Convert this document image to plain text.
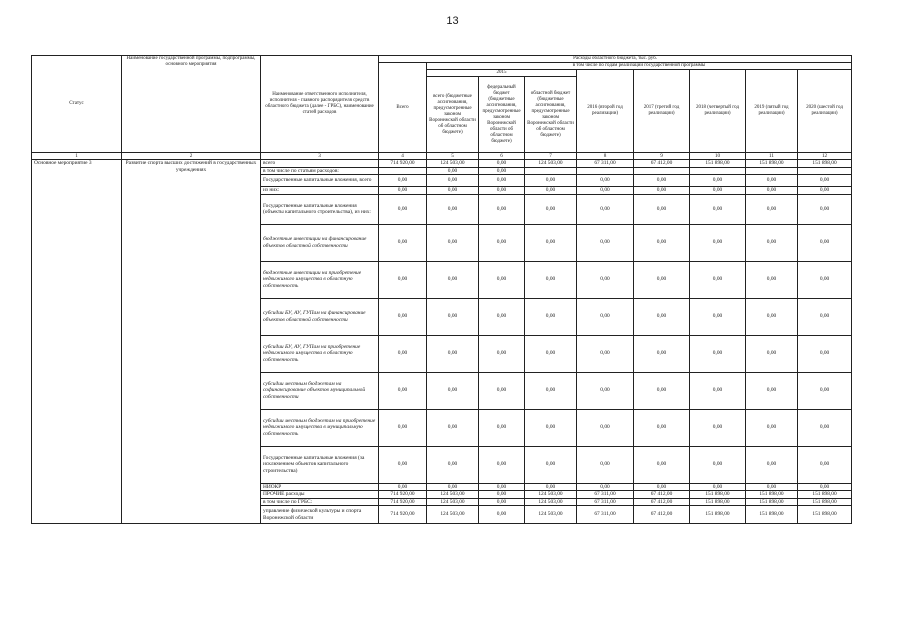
13
Статус	Наименование государственной программы, подпрограммы, основного мероприятия	Наименование ответственного исполнителя, исполнителя - главного распорядителя средств областного бюджета (далее - ГРБС), наименование статей расходов	Расходы областного бюджета, тыс. руб.								
			Всего	в том числе по годам реализации государственной программы							
				2015			2016 (второй год реализации)	2017 (третий год реализации)	2018 (четвертый год реализации)	2019 (пятый год реализации)	2020 (шестой год реализации)
				всего (бюджетные ассигнования, предусмотренные законом Воронежской области об областном бюджете)	федеральный бюджет (бюджетные ассигнования, предусмотренные законом Воронежской области об областном бюджете)	областной бюджет (бюджетные ассигнования, предусмотренные законом Воронежской области об областном бюджете)					
1	2	3	4	5	6	7	8	9	10	11	12
Основное мероприятие 3	Развитие спорта высших достижений в государственных учреждениях	всего	714 920,00	124 503,00	0,00	124 503,00	67 311,00	67 412,00	151 898,00	151 898,00	151 898,00
		в том числе по статьям расходов:		0,00	0,00						
		Государственные капитальные вложения, всего	0,00	0,00	0,00	0,00	0,00	0,00	0,00	0,00	0,00
		из них:	0,00	0,00	0,00	0,00	0,00	0,00	0,00	0,00	0,00
		Государственные капитальные вложения (объекты капитального строительства), из них:	0,00	0,00	0,00	0,00	0,00	0,00	0,00	0,00	0,00
		бюджетные инвестиции на финансирование объектов областной собственности	0,00	0,00	0,00	0,00	0,00	0,00	0,00	0,00	0,00
		бюджетные инвестиции на приобретение недвижимого имущества в областную собственность	0,00	0,00	0,00	0,00	0,00	0,00	0,00	0,00	0,00
		субсидии БУ, АУ, ГУПам на финансирование объектов областной собственности	0,00	0,00	0,00	0,00	0,00	0,00	0,00	0,00	0,00
		субсидии БУ, АУ, ГУПам на приобретение недвижимого имущества в областную собственность	0,00	0,00	0,00	0,00	0,00	0,00	0,00	0,00	0,00
		субсидии местным бюджетам на софинансирование объектов муниципальной собственности	0,00	0,00	0,00	0,00	0,00	0,00	0,00	0,00	0,00
		субсидии местным бюджетам на приобретение недвижимого имущества в муниципальную собственность	0,00	0,00	0,00	0,00	0,00	0,00	0,00	0,00	0,00
		Государственные капитальные вложения (за исключением объектов капитального строительства)	0,00	0,00	0,00	0,00	0,00	0,00	0,00	0,00	0,00
		НИОКР	0,00	0,00	0,00	0,00	0,00	0,00	0,00	0,00	0,00
		ПРОЧИЕ расходы	714 920,00	124 503,00	0,00	124 503,00	67 311,00	67 412,00	151 898,00	151 898,00	151 898,00
		в том числе по ГРБС:	714 920,00	124 503,00	0,00	124 503,00	67 311,00	67 412,00	151 898,00	151 898,00	151 898,00
		управление физической культуры и спорта Воронежской области	714 920,00	124 503,00	0,00	124 503,00	67 311,00	67 412,00	151 898,00	151 898,00	151 898,00
